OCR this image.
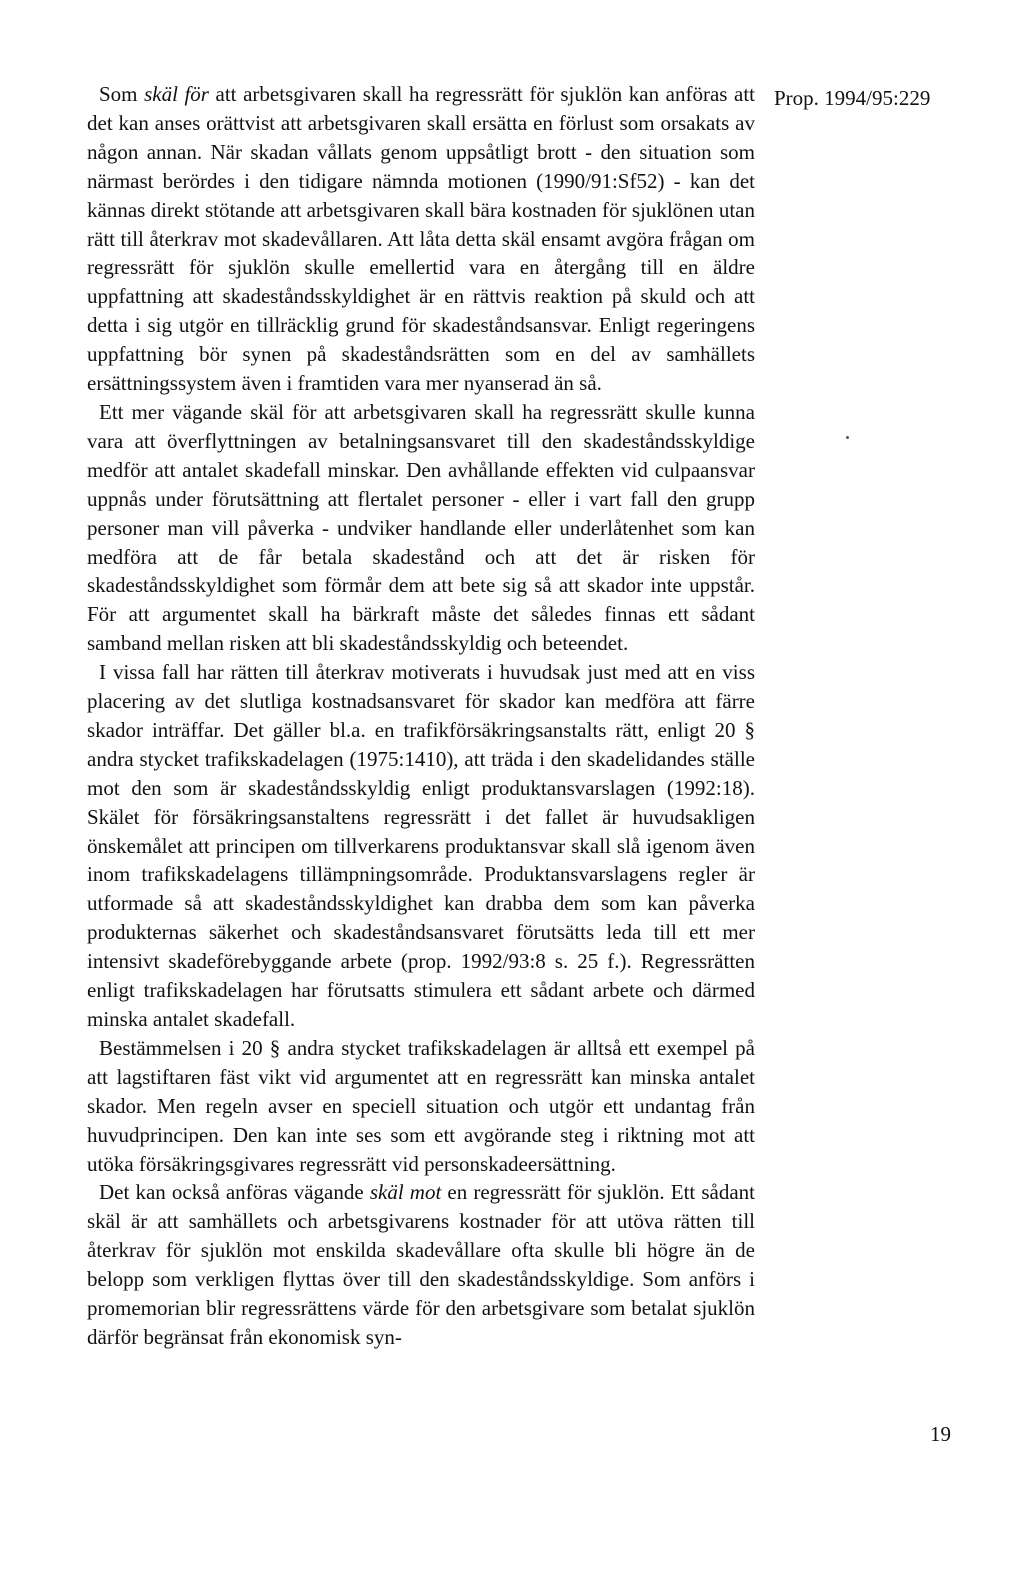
Prop. 1994/95:229

Som skäl för att arbetsgivaren skall ha regressrätt för sjuklön kan anföras att det kan anses orättvist att arbetsgivaren skall ersätta en förlust som orsakats av någon annan. När skadan vållats genom uppsåtligt brott - den situation som närmast berördes i den tidigare nämnda motionen (1990/91:Sf52) - kan det kännas direkt stötande att arbetsgivaren skall bära kostnaden för sjuklönen utan rätt till återkrav mot skadevållaren. Att låta detta skäl ensamt avgöra frågan om regressrätt för sjuklön skulle emellertid vara en återgång till en äldre uppfattning att skadeståndsskyldighet är en rättvis reaktion på skuld och att detta i sig utgör en tillräcklig grund för skadeståndsansvar. Enligt regeringens uppfattning bör synen på skadeståndsrätten som en del av samhällets ersättningssystem även i framtiden vara mer nyanserad än så.

Ett mer vägande skäl för att arbetsgivaren skall ha regressrätt skulle kunna vara att överflyttningen av betalningsansvaret till den skadeståndsskyldige medför att antalet skadefall minskar. Den avhållande effekten vid culpaansvar uppnås under förutsättning att flertalet personer - eller i vart fall den grupp personer man vill påverka - undviker handlande eller underlåtenhet som kan medföra att de får betala skadestånd och att det är risken för skadeståndsskyldighet som förmår dem att bete sig så att skador inte uppstår. För att argumentet skall ha bärkraft måste det således finnas ett sådant samband mellan risken att bli skadeståndsskyldig och beteendet.

I vissa fall har rätten till återkrav motiverats i huvudsak just med att en viss placering av det slutliga kostnadsansvaret för skador kan medföra att färre skador inträffar. Det gäller bl.a. en trafikförsäkringsanstalts rätt, enligt 20 § andra stycket trafikskadelagen (1975:1410), att träda i den skadelidandes ställe mot den som är skadeståndsskyldig enligt produktansvarslagen (1992:18). Skälet för försäkringsanstaltens regressrätt i det fallet är huvudsakligen önskemålet att principen om tillverkarens produktansvar skall slå igenom även inom trafikskadelagens tillämpningsområde. Produktansvarslagens regler är utformade så att skadeståndsskyldighet kan drabba dem som kan påverka produkternas säkerhet och skadeståndsansvaret förutsätts leda till ett mer intensivt skadeförebyggande arbete (prop. 1992/93:8 s. 25 f.). Regressrätten enligt trafikskadelagen har förutsatts stimulera ett sådant arbete och därmed minska antalet skadefall.

Bestämmelsen i 20 § andra stycket trafikskadelagen är alltså ett exempel på att lagstiftaren fäst vikt vid argumentet att en regressrätt kan minska antalet skador. Men regeln avser en speciell situation och utgör ett undantag från huvudprincipen. Den kan inte ses som ett avgörande steg i riktning mot att utöka försäkringsgivares regressrätt vid personskadeersättning.

Det kan också anföras vägande skäl mot en regressrätt för sjuklön. Ett sådant skäl är att samhällets och arbetsgivarens kostnader för att utöva rätten till återkrav för sjuklön mot enskilda skadevållare ofta skulle bli högre än de belopp som verkligen flyttas över till den skadeståndsskyldige. Som anförs i promemorian blir regressrättens värde för den arbetsgivare som betalat sjuklön därför begränsat från ekonomisk syn-

19
